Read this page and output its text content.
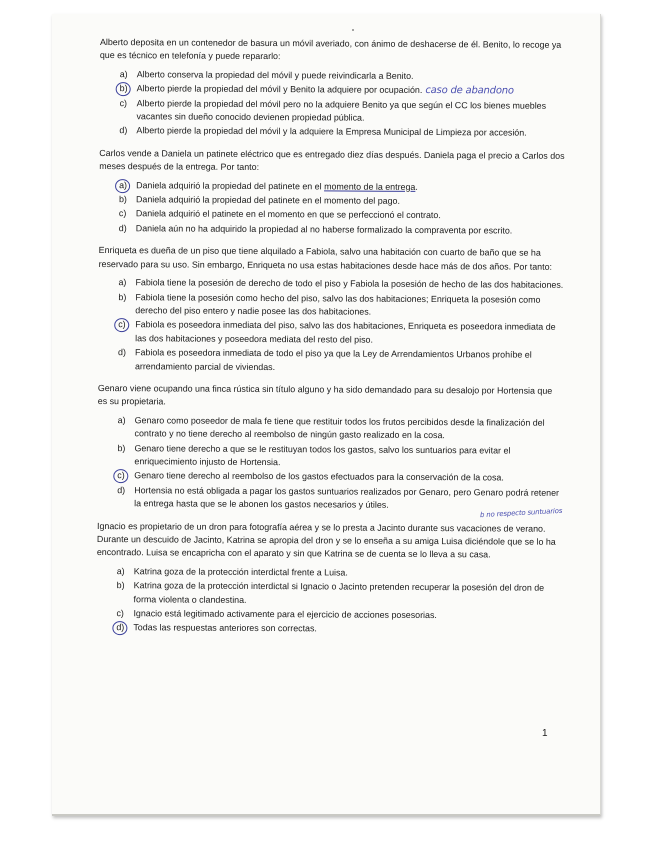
Alberto deposita en un contenedor de basura un móvil averiado, con ánimo de deshacerse de él. Benito, lo recoge ya que es técnico en telefonía y puede repararlo:

a)	Alberto conserva la propiedad del móvil y puede reivindicarla a Benito.
b)	Alberto pierde la propiedad del móvil y Benito la adquiere por ocupación. caso de abandono
c)	Alberto pierde la propiedad del móvil pero no la adquiere Benito ya que según el CC los bienes muebles vacantes sin dueño conocido devienen propiedad pública.
d)	Alberto pierde la propiedad del móvil y la adquiere la Empresa Municipal de Limpieza por accesión.

Carlos vende a Daniela un patinete eléctrico que es entregado diez días después. Daniela paga el precio a Carlos dos meses después de la entrega. Por tanto:

a)	Daniela adquirió la propiedad del patinete en el momento de la entrega.
b)	Daniela adquirió la propiedad del patinete en el momento del pago.
c)	Daniela adquirió el patinete en el momento en que se perfeccionó el contrato.
d)	Daniela aún no ha adquirido la propiedad al no haberse formalizado la compraventa por escrito.

Enriqueta es dueña de un piso que tiene alquilado a Fabiola, salvo una habitación con cuarto de baño que se ha reservado para su uso. Sin embargo, Enriqueta no usa estas habitaciones desde hace más de dos años. Por tanto:

a)	Fabiola tiene la posesión de derecho de todo el piso y Fabiola la posesión de hecho de las dos habitaciones.
b)	Fabiola tiene la posesión como hecho del piso, salvo las dos habitaciones; Enriqueta la posesión como derecho del piso entero y nadie posee las dos habitaciones.
c)	Fabiola es poseedora inmediata del piso, salvo las dos habitaciones, Enriqueta es poseedora inmediata de las dos habitaciones y poseedora mediata del resto del piso.
d)	Fabiola es poseedora inmediata de todo el piso ya que la Ley de Arrendamientos Urbanos prohíbe el arrendamiento parcial de viviendas.

Genaro viene ocupando una finca rústica sin título alguno y ha sido demandado para su desalojo por Hortensia que es su propietaria.

a)	Genaro como poseedor de mala fe tiene que restituir todos los frutos percibidos desde la finalización del contrato y no tiene derecho al reembolso de ningún gasto realizado en la cosa.
b)	Genaro tiene derecho a que se le restituyan todos los gastos, salvo los suntuarios para evitar el enriquecimiento injusto de Hortensia.
c)	Genaro tiene derecho al reembolso de los gastos efectuados para la conservación de la cosa.
d)	Hortensia no está obligada a pagar los gastos suntuarios realizados por Genaro, pero Genaro podrá retener la entrega hasta que se le abonen los gastos necesarios y útiles.

Ignacio es propietario de un dron para fotografía aérea y se lo presta a Jacinto durante sus vacaciones de verano. Durante un descuido de Jacinto, Katrina se apropia del dron y se lo enseña a su amiga Luisa diciéndole que se lo ha encontrado. Luisa se encapricha con el aparato y sin que Katrina se de cuenta se lo lleva a su casa.

a)	Katrina goza de la protección interdictal frente a Luisa.
b)	Katrina goza de la protección interdictal si Ignacio o Jacinto pretenden recuperar la posesión del dron de forma violenta o clandestina.
c)	Ignacio está legitimado activamente para el ejercicio de acciones posesorias.
d)	Todas las respuestas anteriores son correctas.
b no respecto suntuarios
1
